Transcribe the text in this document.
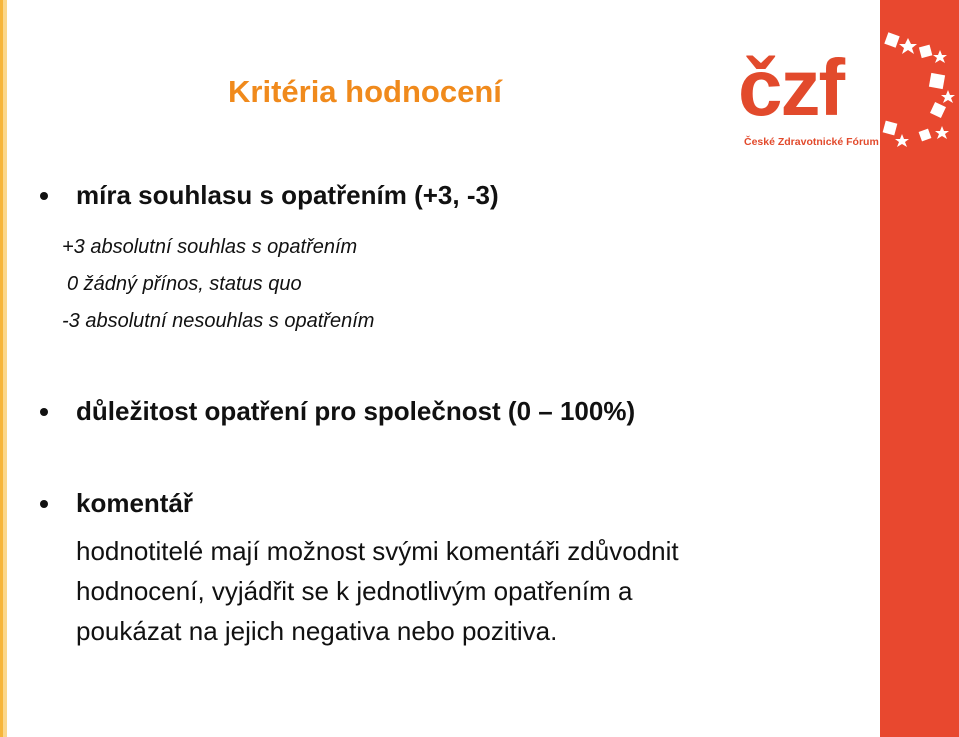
Kritéria hodnocení	čzf
České Zdravotnické Fórum
míra souhlasu s opatřením (+3, -3)
+3 absolutní souhlas s opatřením
0 žádný přínos, status quo
-3 absolutní nesouhlas s opatřením
důležitost opatření pro společnost (0 – 100%)
komentář
hodnotitelé mají možnost svými komentáři zdůvodnit
hodnocení, vyjádřit se k jednotlivým opatřením a
poukázat na jejich negativa nebo pozitiva.
